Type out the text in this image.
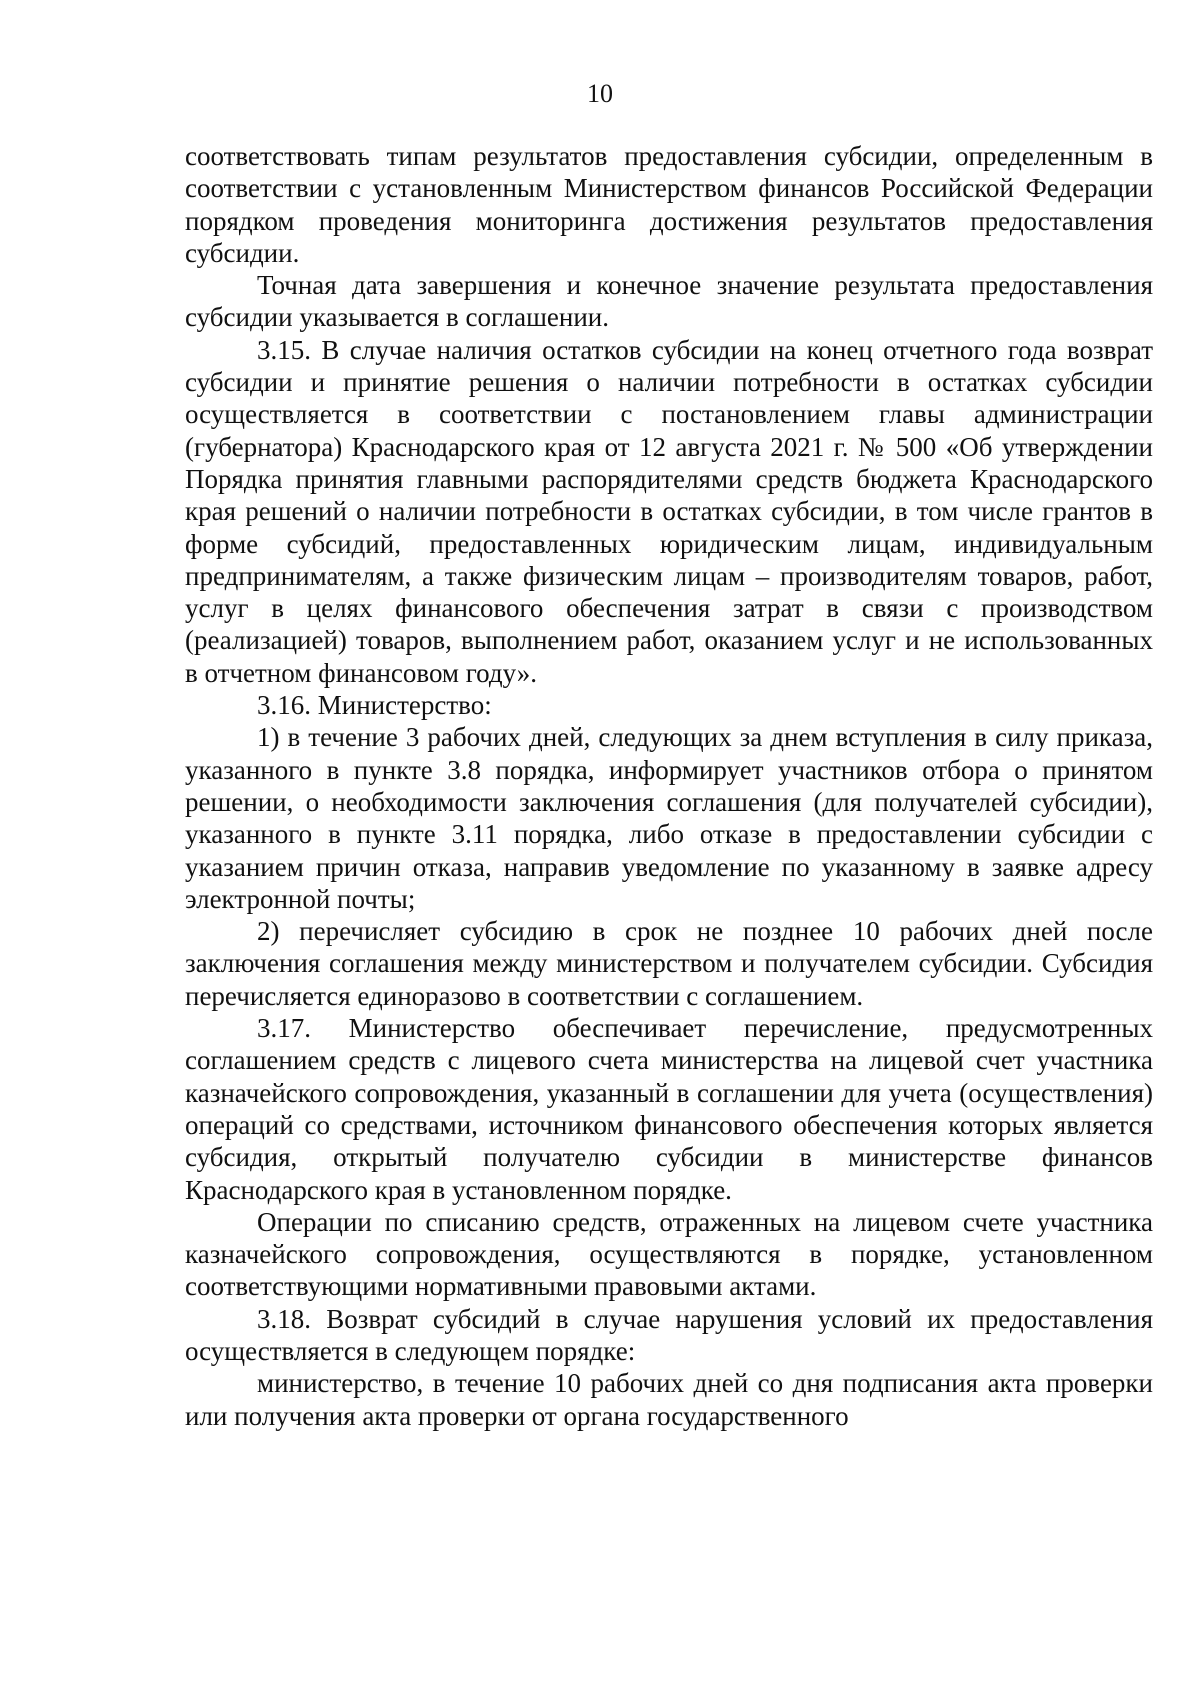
10

соответствовать типам результатов предоставления субсидии, определенным в соответствии с установленным Министерством финансов Российской Федерации порядком проведения мониторинга достижения результатов предоставления субсидии.

Точная дата завершения и конечное значение результата предоставления субсидии указывается в соглашении.

3.15. В случае наличия остатков субсидии на конец отчетного года возврат субсидии и принятие решения о наличии потребности в остатках субсидии осуществляется в соответствии с постановлением главы администрации (губернатора) Краснодарского края от 12 августа 2021 г. № 500 «Об утверждении Порядка принятия главными распорядителями средств бюджета Краснодарского края решений о наличии потребности в остатках субсидии, в том числе грантов в форме субсидий, предоставленных юридическим лицам, индивидуальным предпринимателям, а также физическим лицам – производителям товаров, работ, услуг в целях финансового обеспечения затрат в связи с производством (реализацией) товаров, выполнением работ, оказанием услуг и не использованных в отчетном финансовом году».

3.16. Министерство:

1) в течение 3 рабочих дней, следующих за днем вступления в силу приказа, указанного в пункте 3.8 порядка, информирует участников отбора о принятом решении, о необходимости заключения соглашения (для получателей субсидии), указанного в пункте 3.11 порядка, либо отказе в предоставлении субсидии с указанием причин отказа, направив уведомление по указанному в заявке адресу электронной почты;

2) перечисляет субсидию в срок не позднее 10 рабочих дней после заключения соглашения между министерством и получателем субсидии. Субсидия перечисляется единоразово в соответствии с соглашением.

3.17. Министерство обеспечивает перечисление, предусмотренных соглашением средств с лицевого счета министерства на лицевой счет участника казначейского сопровождения, указанный в соглашении для учета (осуществления) операций со средствами, источником финансового обеспечения которых является субсидия, открытый получателю субсидии в министерстве финансов Краснодарского края в установленном порядке.

Операции по списанию средств, отраженных на лицевом счете участника казначейского сопровождения, осуществляются в порядке, установленном соответствующими нормативными правовыми актами.

3.18. Возврат субсидий в случае нарушения условий их предоставления осуществляется в следующем порядке:

министерство, в течение 10 рабочих дней со дня подписания акта проверки или получения акта проверки от органа государственного
